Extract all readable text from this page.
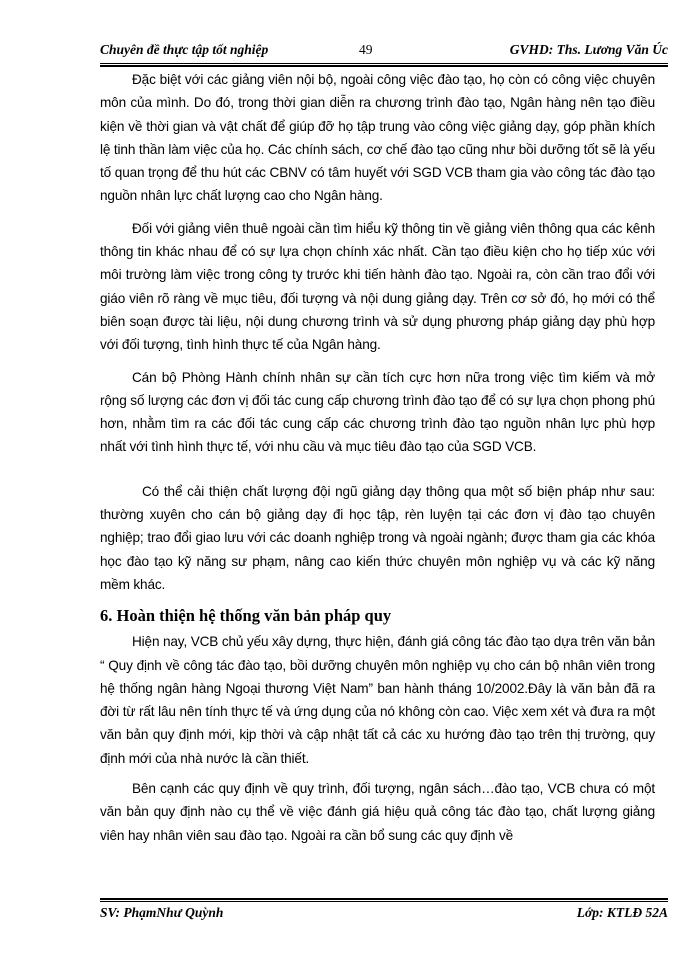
Chuyên đề thực tập tốt nghiệp	49	GVHD: Ths. Lương Văn Úc

Đặc biệt với các giảng viên nội bộ, ngoài công việc đào tạo, họ còn có công việc chuyên môn của mình. Do đó, trong thời gian diễn ra chương trình đào tạo, Ngân hàng nên tạo điều kiện về thời gian và vật chất để giúp đỡ họ tập trung vào công việc giảng dạy, góp phần khích lệ tinh thần làm việc của họ. Các chính sách, cơ chế đào tạo cũng như bồi dưỡng tốt sẽ là yếu tố quan trọng để thu hút các CBNV có tâm huyết với SGD VCB tham gia vào công tác đào tạo nguồn nhân lực chất lượng cao cho Ngân hàng.

Đối với giảng viên thuê ngoài cần tìm hiểu kỹ thông tin về giảng viên thông qua các kênh thông tin khác nhau để có sự lựa chọn chính xác nhất. Cần tạo điều kiện cho họ tiếp xúc với môi trường làm việc trong công ty trước khi tiến hành đào tạo. Ngoài ra, còn cần trao đổi với giáo viên rõ ràng về mục tiêu, đối tượng và nội dung giảng dạy. Trên cơ sở đó, họ mới có thể biên soạn được tài liệu, nội dung chương trình và sử dụng phương pháp giảng dạy phù hợp với đối tượng, tình hình thực tế của Ngân hàng.

Cán bộ Phòng Hành chính nhân sự cần tích cực hơn nữa trong việc tìm kiếm và mở rộng số lượng các đơn vị đối tác cung cấp chương trình đào tạo để có sự lựa chọn phong phú hơn, nhằm tìm ra các đối tác cung cấp các chương trình đào tạo nguồn nhân lực phù hợp nhất với tình hình thực tế, với nhu cầu và mục tiêu đào tạo của SGD VCB.

Có thể cải thiện chất lượng đội ngũ giảng dạy thông qua một số biện pháp như sau: thường xuyên cho cán bộ giảng dạy đi học tập, rèn luyện tại các đơn vị đào tạo chuyên nghiệp; trao đổi giao lưu với các doanh nghiệp trong và ngoài ngành; được tham gia các khóa học đào tạo kỹ năng sư phạm, nâng cao kiến thức chuyên môn nghiệp vụ và các kỹ năng mềm khác.

6. Hoàn thiện hệ thống văn bản pháp quy

Hiện nay, VCB chủ yếu xây dựng, thực hiện, đánh giá công tác đào tạo dựa trên văn bản “ Quy định về công tác đào tạo, bồi dưỡng chuyên môn nghiệp vụ cho cán bộ nhân viên trong hệ thống ngân hàng Ngoại thương Việt Nam” ban hành tháng 10/2002.Đây là văn bản đã ra đời từ rất lâu nên tính thực tế và ứng dụng của nó không còn cao. Việc xem xét và đưa ra một văn bản quy định mới, kịp thời và cập nhật tất cả các xu hướng đào tạo trên thị trường, quy định mới của nhà nước là cần thiết.

Bên cạnh các quy định về quy trình, đối tượng, ngân sách…đào tạo, VCB chưa có một văn bản quy định nào cụ thể về việc đánh giá hiệu quả công tác đào tạo, chất lượng giảng viên hay nhân viên sau đào tạo. Ngoài ra cần bổ sung các quy định về

SV: PhạmNhư Quỳnh	Lớp: KTLĐ 52A
